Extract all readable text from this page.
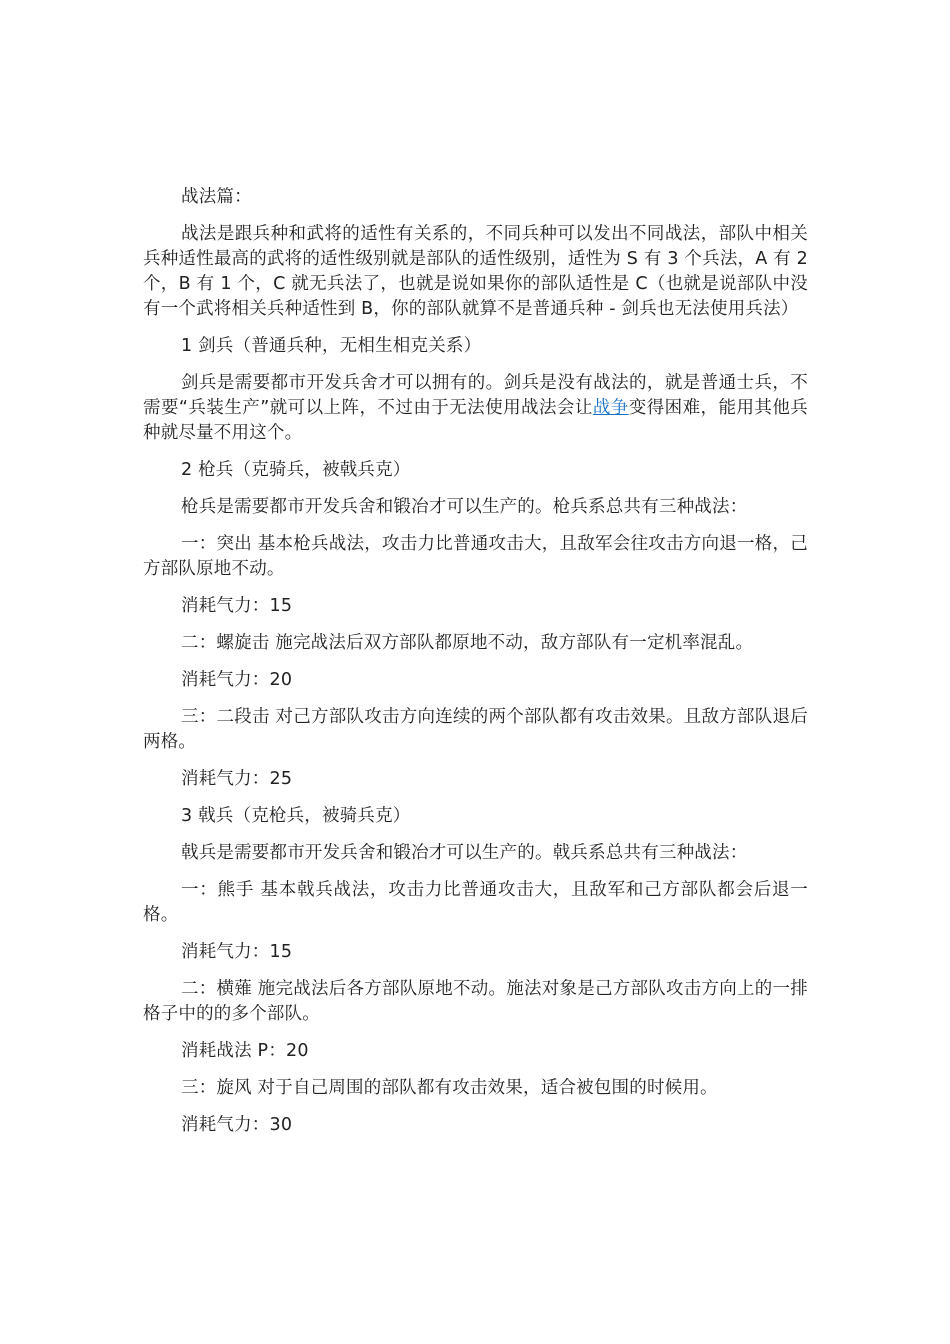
战法篇：

战法是跟兵种和武将的适性有关系的，不同兵种可以发出不同战法，部队中相关兵种适性最高的武将的适性级别就是部队的适性级别，适性为 S 有 3 个兵法，A 有 2 个，B 有 1 个，C 就无兵法了，也就是说如果你的部队适性是 C（也就是说部队中没有一个武将相关兵种适性到 B，你的部队就算不是普通兵种 - 剑兵也无法使用兵法）

1 剑兵（普通兵种，无相生相克关系）

剑兵是需要都市开发兵舍才可以拥有的。剑兵是没有战法的，就是普通士兵，不需要“兵装生产”就可以上阵，不过由于无法使用战法会让战争变得困难，能用其他兵种就尽量不用这个。

2 枪兵（克骑兵，被戟兵克）

枪兵是需要都市开发兵舍和锻冶才可以生产的。枪兵系总共有三种战法：

一：突出 基本枪兵战法，攻击力比普通攻击大，且敌军会往攻击方向退一格，己方部队原地不动。

消耗气力：15

二：螺旋击 施完战法后双方部队都原地不动，敌方部队有一定机率混乱。

消耗气力：20

三：二段击 对己方部队攻击方向连续的两个部队都有攻击效果。且敌方部队退后两格。

消耗气力：25

3 戟兵（克枪兵，被骑兵克）

戟兵是需要都市开发兵舍和锻冶才可以生产的。戟兵系总共有三种战法：

一：熊手 基本戟兵战法，攻击力比普通攻击大，且敌军和己方部队都会后退一格。

消耗气力：15

二：横薙 施完战法后各方部队原地不动。施法对象是己方部队攻击方向上的一排格子中的的多个部队。

消耗战法 P：20

三：旋风 对于自己周围的部队都有攻击效果，适合被包围的时候用。

消耗气力：30
